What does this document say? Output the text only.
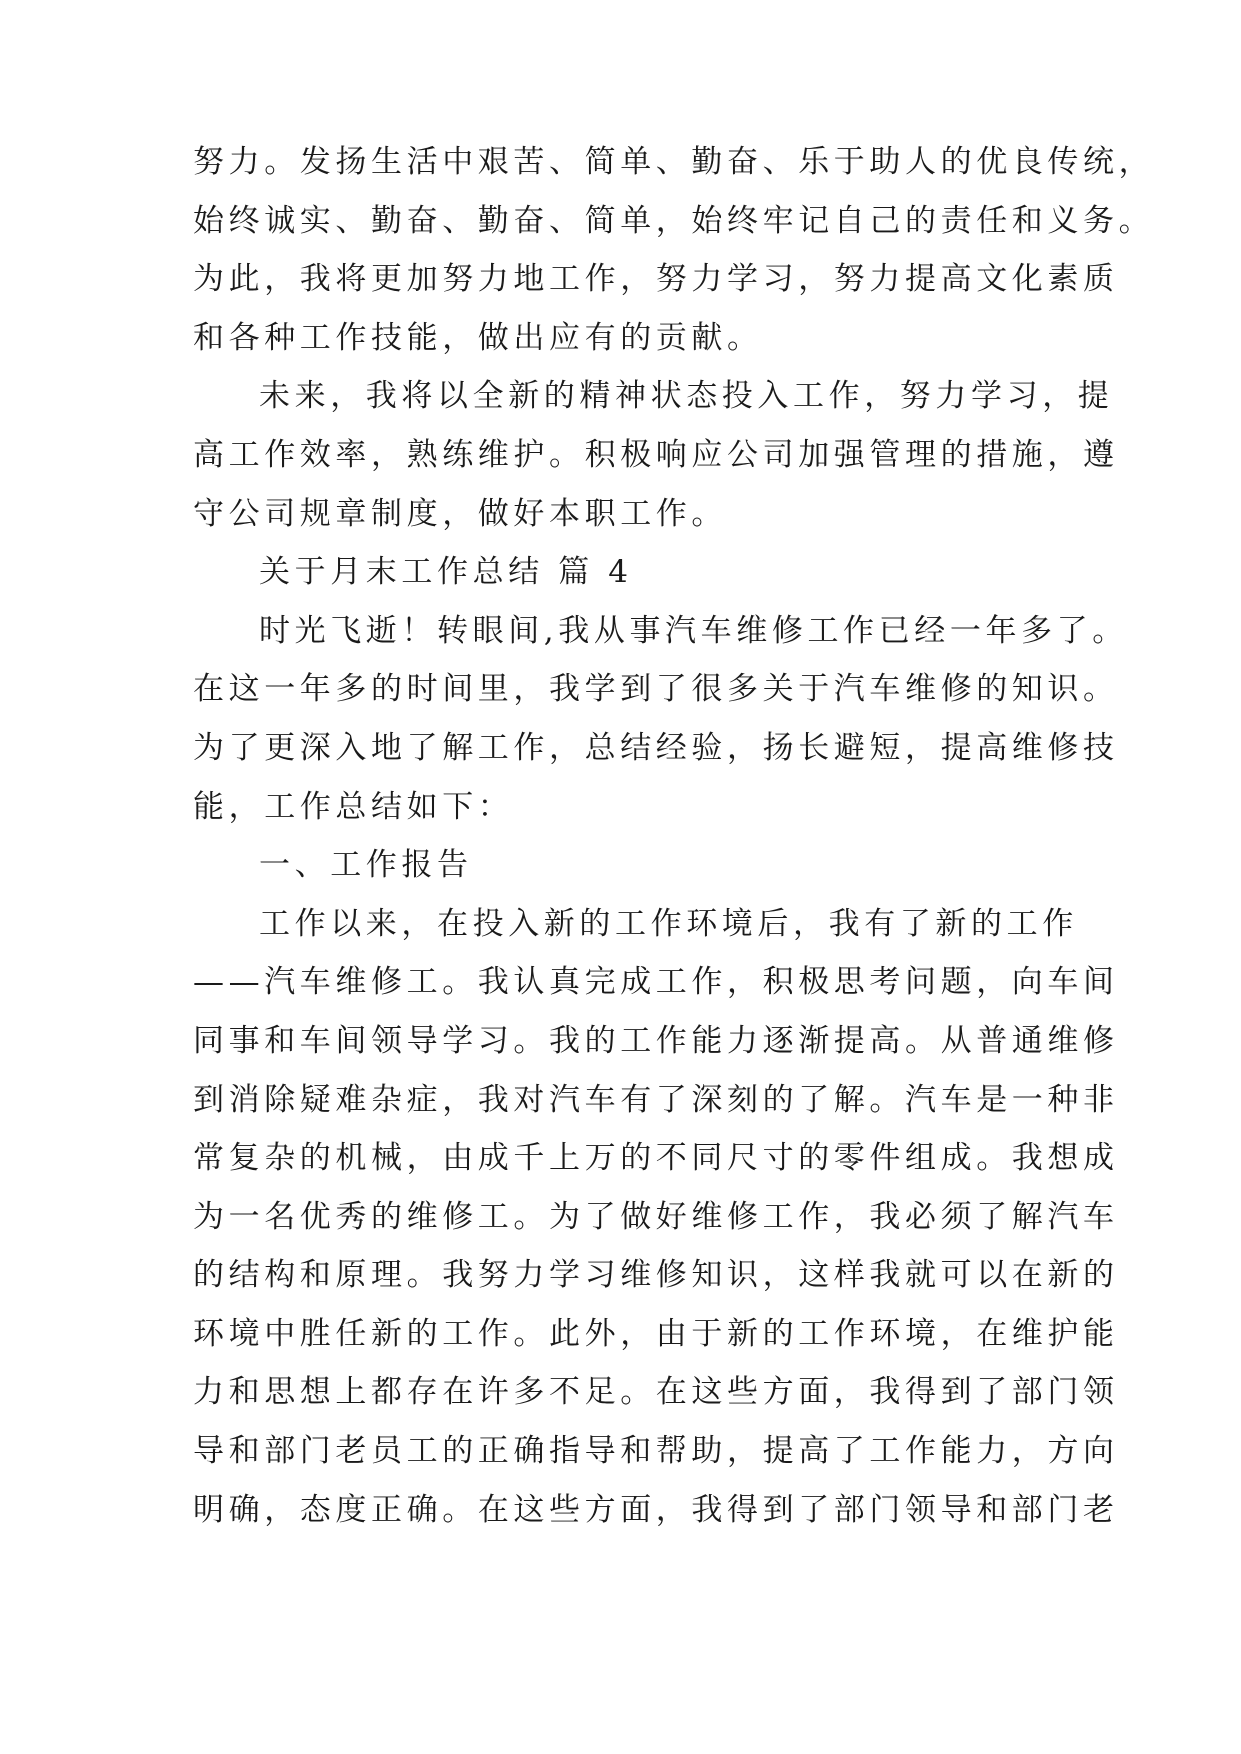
努力。发扬生活中艰苦、简单、勤奋、乐于助人的优良传统，
始终诚实、勤奋、勤奋、简单，始终牢记自己的责任和义务。
为此，我将更加努力地工作，努力学习，努力提高文化素质
和各种工作技能，做出应有的贡献。
未来，我将以全新的精神状态投入工作，努力学习，提
高工作效率，熟练维护。积极响应公司加强管理的措施，遵
守公司规章制度，做好本职工作。
关于月末工作总结 篇 4
时光飞逝！转眼间,我从事汽车维修工作已经一年多了。
在这一年多的时间里，我学到了很多关于汽车维修的知识。
为了更深入地了解工作，总结经验，扬长避短，提高维修技
能，工作总结如下：
一、工作报告
工作以来，在投入新的工作环境后，我有了新的工作
——汽车维修工。我认真完成工作，积极思考问题，向车间
同事和车间领导学习。我的工作能力逐渐提高。从普通维修
到消除疑难杂症，我对汽车有了深刻的了解。汽车是一种非
常复杂的机械，由成千上万的不同尺寸的零件组成。我想成
为一名优秀的维修工。为了做好维修工作，我必须了解汽车
的结构和原理。我努力学习维修知识，这样我就可以在新的
环境中胜任新的工作。此外，由于新的工作环境，在维护能
力和思想上都存在许多不足。在这些方面，我得到了部门领
导和部门老员工的正确指导和帮助，提高了工作能力，方向
明确，态度正确。在这些方面，我得到了部门领导和部门老
